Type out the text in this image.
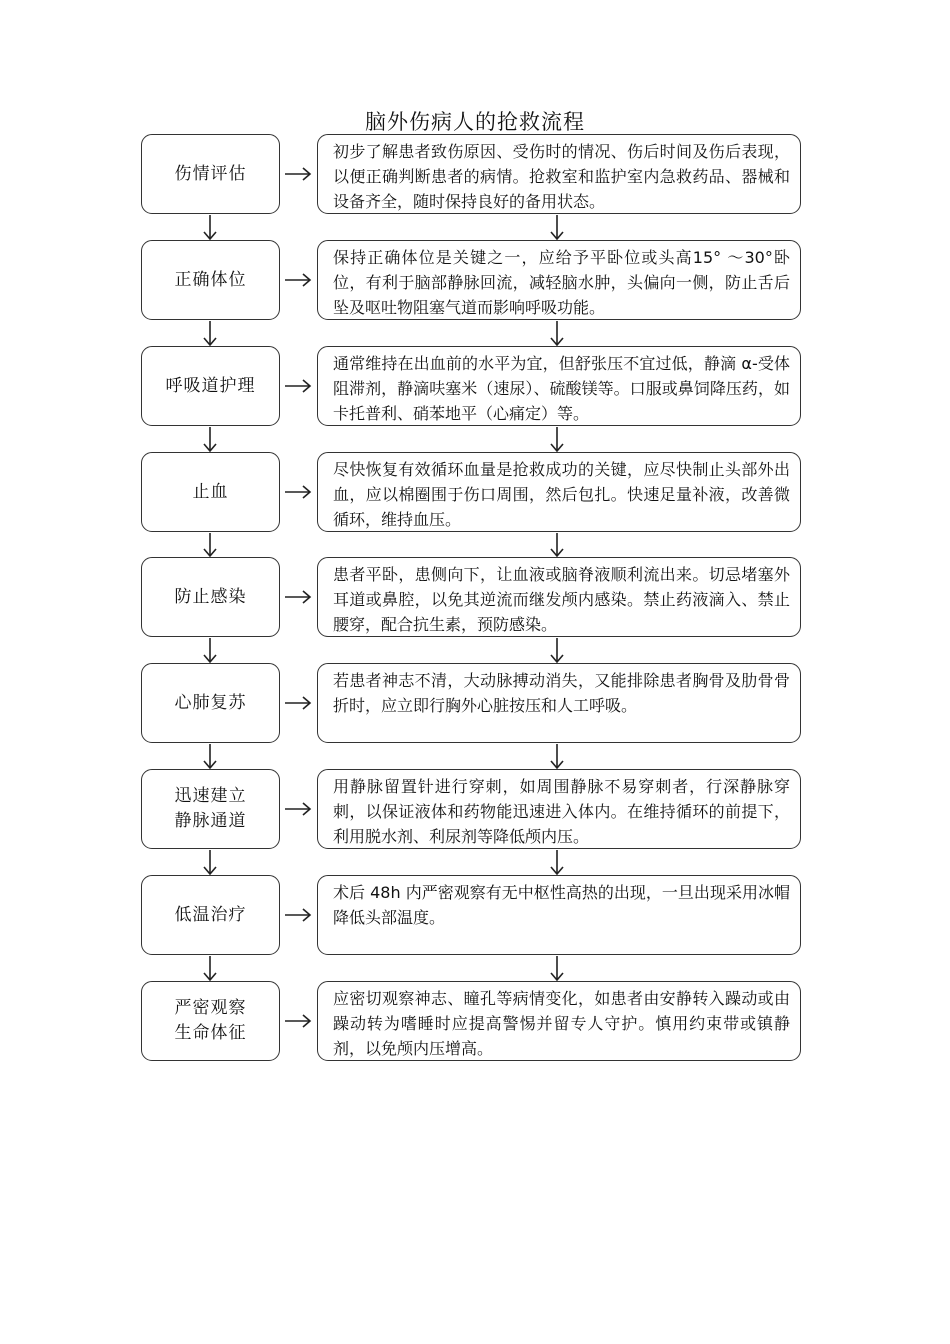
脑外伤病人的抢救流程
伤情评估
初步了解患者致伤原因、受伤时的情况、伤后时间及伤后表现，以便正确判断患者的病情。抢救室和监护室内急救药品、器械和设备齐全，随时保持良好的备用状态。
正确体位
保持正确体位是关键之一，应给予平卧位或头高15° ～30°卧位，有利于脑部静脉回流，减轻脑水肿，头偏向一侧，防止舌后坠及呕吐物阻塞气道而影响呼吸功能。
呼吸道护理
通常维持在出血前的水平为宜，但舒张压不宜过低，静滴 α-受体阻滞剂，静滴呋塞米（速尿）、硫酸镁等。口服或鼻饲降压药，如卡托普利、硝苯地平（心痛定）等。
止血
尽快恢复有效循环血量是抢救成功的关键，应尽快制止头部外出血，应以棉圈围于伤口周围，然后包扎。快速足量补液，改善微循环，维持血压。
防止感染
患者平卧，患侧向下，让血液或脑脊液顺利流出来。切忌堵塞外耳道或鼻腔，以免其逆流而继发颅内感染。禁止药液滴入、禁止腰穿，配合抗生素，预防感染。
心肺复苏
若患者神志不清，大动脉搏动消失，又能排除患者胸骨及肋骨骨折时，应立即行胸外心脏按压和人工呼吸。
迅速建立
静脉通道
用静脉留置针进行穿刺，如周围静脉不易穿刺者，行深静脉穿刺，以保证液体和药物能迅速进入体内。在维持循环的前提下，利用脱水剂、利尿剂等降低颅内压。
低温治疗
术后 48h 内严密观察有无中枢性高热的出现，一旦出现采用冰帽降低头部温度。
严密观察
生命体征
应密切观察神志、瞳孔等病情变化，如患者由安静转入躁动或由躁动转为嗜睡时应提高警惕并留专人守护。慎用约束带或镇静剂，以免颅内压增高。
